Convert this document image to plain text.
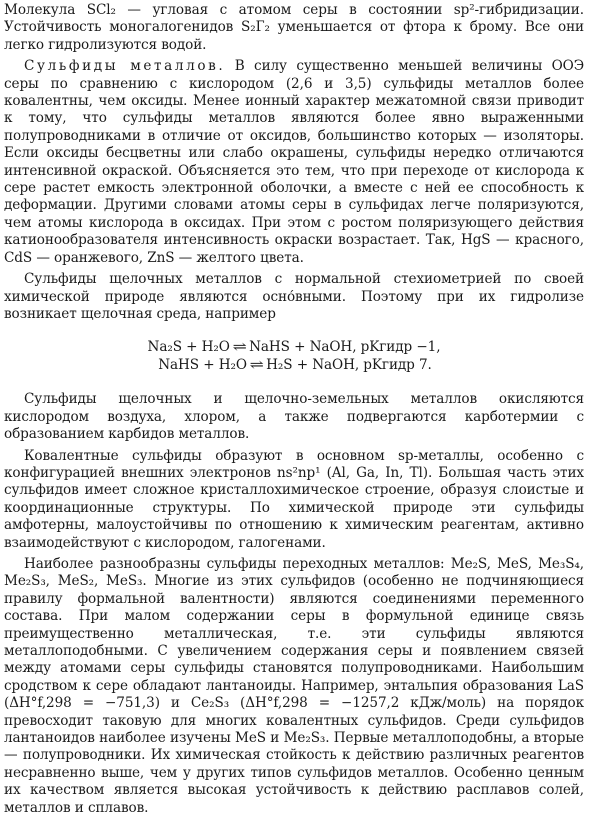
Молекула SCl₂ — угловая с атомом серы в состоянии sp²-гибридизации. Устойчивость моногалогенидов S₂Г₂ уменьшается от фтора к брому. Все они легко гидролизуются водой.

Сульфиды металлов. В силу существенно меньшей величины ООЭ серы по сравнению с кислородом (2,6 и 3,5) сульфиды металлов более ковалентны, чем оксиды. Менее ионный характер межатомной связи приводит к тому, что сульфиды металлов являются более явно выраженными полупроводниками в отличие от оксидов, большинство которых — изоляторы. Если оксиды бесцветны или слабо окрашены, сульфиды нередко отличаются интенсивной окраской. Объясняется это тем, что при переходе от кислорода к сере растет емкость электронной оболочки, а вместе с ней ее способность к деформации. Другими словами атомы серы в сульфидах легче поляризуются, чем атомы кислорода в оксидах. При этом с ростом поляризующего действия катионообразователя интенсивность окраски возрастает. Так, HgS — красного, CdS — оранжевого, ZnS — желтого цвета.

Сульфиды щелочных металлов с нормальной стехиометрией по своей химической природе являются осно́вными. Поэтому при их гидролизе возникает щелочная среда, например

Na₂S + H₂O ⇌ NaHS + NaOH, pKгидр −1,
NaHS + H₂O ⇌ H₂S + NaOH, pKгидр 7.

Сульфиды щелочных и щелочно-земельных металлов окисляются кислородом воздуха, хлором, а также подвергаются карботермии с образованием карбидов металлов.

Ковалентные сульфиды образуют в основном sp-металлы, особенно с конфигурацией внешних электронов ns²np¹ (Al, Ga, In, Tl). Большая часть этих сульфидов имеет сложное кристаллохимическое строение, образуя слоистые и координационные структуры. По химической природе эти сульфиды амфотерны, малоустойчивы по отношению к химическим реагентам, активно взаимодействуют с кислородом, галогенами.

Наиболее разнообразны сульфиды переходных металлов: Me₂S, MeS, Me₃S₄, Me₂S₃, MeS₂, MeS₃. Многие из этих сульфидов (особенно не подчиняющиеся правилу формальной валентности) являются соединениями переменного состава. При малом содержании серы в формульной единице связь преимущественно металлическая, т.е. эти сульфиды являются металлоподобными. С увеличением содержания серы и появлением связей между атомами серы сульфиды становятся полупроводниками. Наибольшим сродством к сере обладают лантаноиды. Например, энтальпия образования LaS (ΔH°f,298 = −751,3) и Ce₂S₃ (ΔH°f,298 = −1257,2 кДж/моль) на порядок превосходит таковую для многих ковалентных сульфидов. Среди сульфидов лантаноидов наиболее изучены MeS и Me₂S₃. Первые металлоподобны, а вторые — полупроводники. Их химическая стойкость к действию различных реагентов несравненно выше, чем у других типов сульфидов металлов. Особенно ценным их качеством является высокая устойчивость к действию расплавов солей, металлов и сплавов.
